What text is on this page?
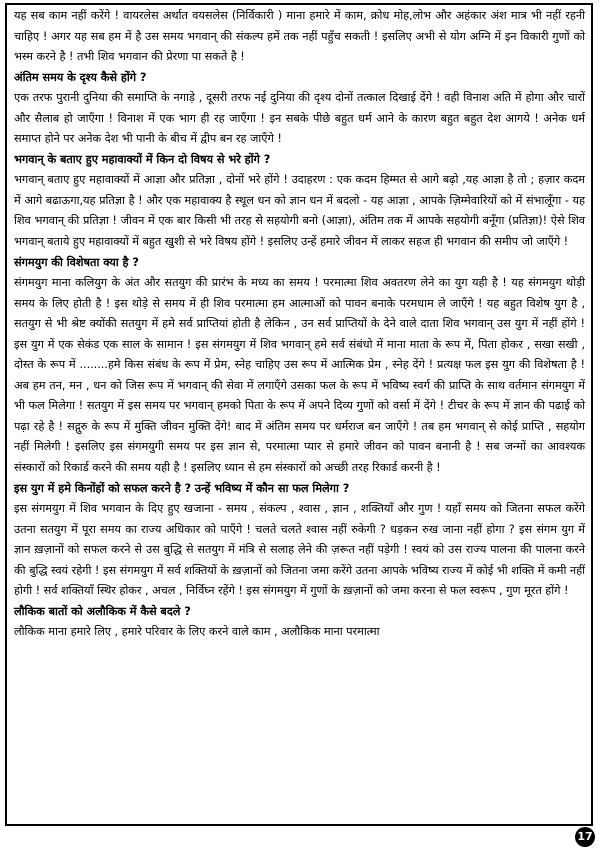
यह सब काम नहीं करेंगे ! वायरलेस अर्थात वयसलेस (निर्विकारी ) माना हमारे में काम, क्रोध मोह,लोभ और अहंकार अंश मात्र भी नहीं रहनी चाहिए ! अगर यह सब हम में है उस समय भगवान् की संकल्प हमें तक नहीं पहुँच सकती ! इसलिए अभी से योग अग्नि में इन विकारी गुणों को भस्म करने है ! तभी शिव भगवान की प्रेरणा पा सकते है !

अंतिम समय के दृश्य कैसे होंगे ?

एक तरफ पुरानी दुनिया की समाप्ति के नगाड़े , दूसरी तरफ नई दुनिया की दृश्य दोनों तत्काल दिखाई देंगे ! वही विनाश अति में होगा और चारों और सैलाब हो जाएँगा ! विनाश में एक भाग ही रह जाएँगा ! इन सबके पीछे बहुत धर्म आने के कारण बहुत बहुत देश आगये ! अनेक धर्म समाप्त होने पर अनेक देश भी पानी के बीच में द्वीप बन रह जाएँगे !

भगवान् के बताए हुए महावाक्यों में किन दो विषय से भरे होंगे ?

भगवान् बताए हुए महावाक्यों में आज्ञा और प्रतिज्ञा , दोनों भरे होंगे ! उदाहरण : एक कदम हिम्मत से आगे बढ़ो ,यह आज्ञा है तो ; हज़ार कदम में आगे बढाऊगा,यह प्रतिज्ञा है ! और एक महावाक्य है स्थूल धन को ज्ञान धन में बदलो - यह आज्ञा , आपके ज़िम्मेवारियों को में संभालूँगा - यह शिव भगवान् की प्रतिज्ञा ! जीवन में एक बार किसी भी तरह से सहयोगी बनो (आज्ञा), अंतिम तक में आपके सहयोगी बनूँगा (प्रतिज्ञा)! ऐसे शिव भगवान् बताये हुए महावाक्यों में बहुत खुशी से भरे विषय होंगे ! इसलिए उन्हें हमारे जीवन में लाकर सहज ही भगवान की समीप जो जाएँगे !

संगमयुग की विशेषता क्या है ?

संगमयुग माना कलियुग के अंत और सतयुग की प्रारंभ के मध्य का समय ! परमात्मा शिव अवतरण लेने का युग यही है ! यह संगमयुग थोड़ी समय के लिए होती है ! इस थोड़े से समय में ही शिव परमात्मा हम आत्माओं को पावन बनाके परमधाम ले जाएँगे ! यह बहुत विशेष युग है , सतयुग से भी श्रेष्ट क्योंकी सतयुग में हमे सर्व प्राप्तियां होती है लेकिन , उन सर्व प्राप्तियों के देने वाले दाता शिव भगवान् उस युग में नहीं होंगे ! इस युग में एक सेकंड एक साल के सामान ! इस संगमयुग में शिव भगवान् हमे सर्व संबंधो में माना माता के रूप में, पिता होकर , सखा सखी , दोस्त के रूप में ........हमे किस संबंध के रूप में प्रेम, स्नेह चाहिए उस रूप में आत्मिक प्रेम , स्नेह देंगे ! प्रत्यक्ष फल इस युग की विशेषता है ! अब हम तन, मन , धन को जिस रूप में भगवान् की सेवा में लगाएँगे उसका फल के रूप में भविष्य स्वर्ग की प्राप्ति के साथ वर्तमान संगमयुग में भी फल मिलेगा ! सतयुग में इस समय पर भगवान् हमको पिता के रूप में अपने दिव्य गुणों को वर्सा में देंगे ! टीचर के रूप में ज्ञान की पढाई को पढ़ा रहे है ! सद्गुरु के रूप में मुक्ति जीवन मुक्ति देंगे! बाद में अंतिम समय पर धर्मराज बन जाएँगे ! तब हम भगवान् से कोई प्राप्ति , सहयोग नहीं मिलेगी ! इसलिए इस संगमयुगी समय पर इस ज्ञान से, परमात्मा प्यार से हमारे जीवन को पावन बनानी है ! सब जन्मों का आवश्यक संस्कारों को रिकार्ड करने की समय यही है ! इसलिए ध्यान से हम संस्कारों को अच्छी तरह रिकार्ड करनी है !

इस युग में हमे किनोंहों को सफल करने है ? उन्हें भविष्य में कौन सा फल मिलेगा ?

इस संगमयुग में शिव भगवान के दिए हुए खजाना - समय , संकल्प , श्वास , ज्ञान , शक्तियाँ और गुण ! यहाँ समय को जितना सफल करेंगे उतना सतयुग में पूरा समय का राज्य अधिकार को पाएँगे ! चलते चलते श्वास नहीं रुकेगी ? धड़कन रुख जाना नहीं होगा ? इस संगम युग में ज्ञान ख़ज़ानों को सफल करने से उस बुद्धि से सतयुग में मंत्रि से सलाह लेने की ज़रूत नहीं पड़ेगी ! स्वयं को उस राज्य पालना की पालना करने की बुद्धि स्वयं रहेगी ! इस संगमयुग में सर्व शक्तियों के ख़ज़ानों को जितना जमा करेंगे उतना आपके भविष्य राज्य में कोई भी शक्ति में कमी नहीं होगी ! सर्व शक्तियाँ स्थिर होकर , अचल , निर्विघ्न रहेंगे ! इस संगमयुग में गुणों के ख़ज़ानों को जमा करना से फल स्वरूप , गुण मूरत होंगे !

लौकिक बातों को अलौकिक में कैसे बदले ?

लौकिक माना हमारे लिए , हमारे परिवार के लिए करने वाले काम , अलौकिक माना परमात्मा

17
